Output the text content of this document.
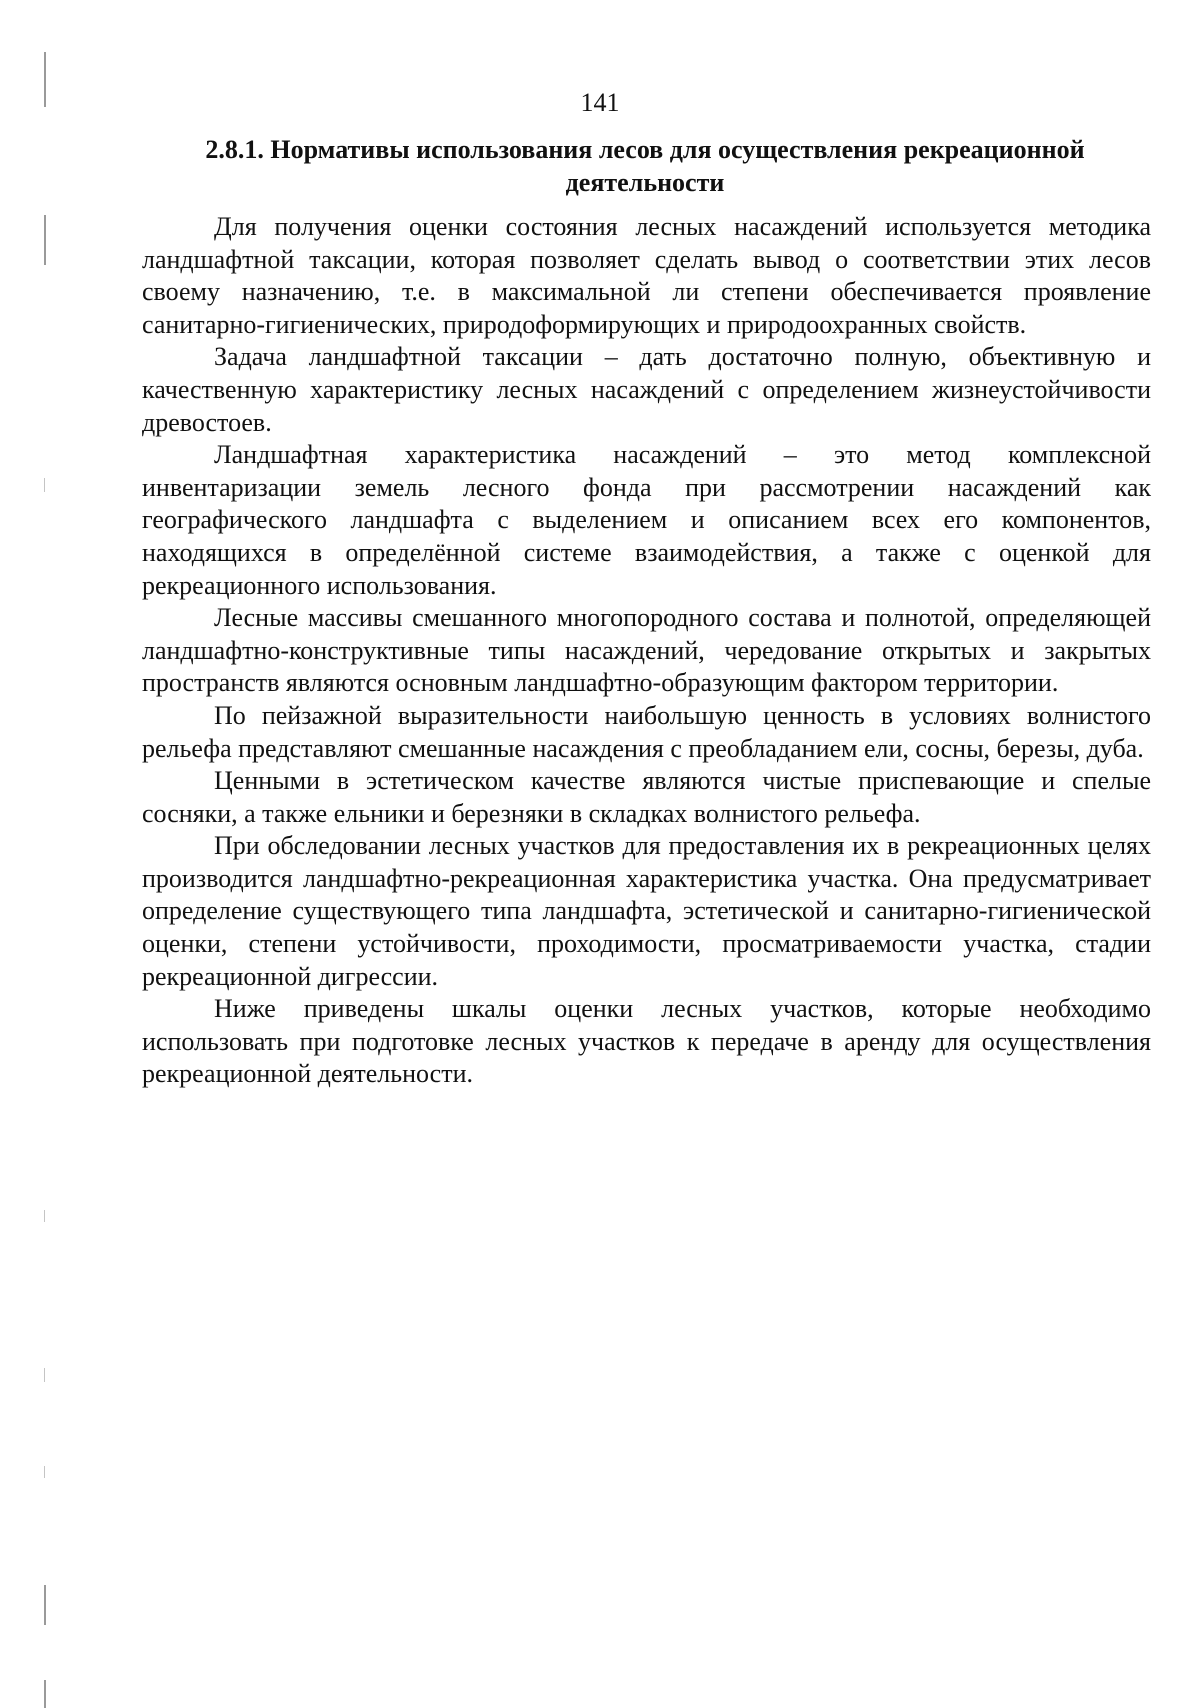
141
2.8.1. Нормативы использования лесов для осуществления рекреационной деятельности

Для получения оценки состояния лесных насаждений используется методика ландшафтной таксации, которая позволяет сделать вывод о соответствии этих лесов своему назначению, т.е. в максимальной ли степени обеспечивается проявление санитарно-гигиенических, природоформирующих и природоохранных свойств.

Задача ландшафтной таксации – дать достаточно полную, объективную и качественную характеристику лесных насаждений с определением жизнеустойчивости древостоев.

Ландшафтная характеристика насаждений – это метод комплексной инвентаризации земель лесного фонда при рассмотрении насаждений как географического ландшафта с выделением и описанием всех его компонентов, находящихся в определённой системе взаимодействия, а также с оценкой для рекреационного использования.

Лесные массивы смешанного многопородного состава и полнотой, определяющей ландшафтно-конструктивные типы насаждений, чередование открытых и закрытых пространств являются основным ландшафтно-образующим фактором территории.

По пейзажной выразительности наибольшую ценность в условиях волнистого рельефа представляют смешанные насаждения с преобладанием ели, сосны, березы, дуба.

Ценными в эстетическом качестве являются чистые приспевающие и спелые сосняки, а также ельники и березняки в складках волнистого рельефа.

При обследовании лесных участков для предоставления их в рекреационных целях производится ландшафтно-рекреационная характеристика участка. Она предусматривает определение существующего типа ландшафта, эстетической и санитарно-гигиенической оценки, степени устойчивости, проходимости, просматриваемости участка, стадии рекреационной дигрессии.

Ниже приведены шкалы оценки лесных участков, которые необходимо использовать при подготовке лесных участков к передаче в аренду для осуществления рекреационной деятельности.
